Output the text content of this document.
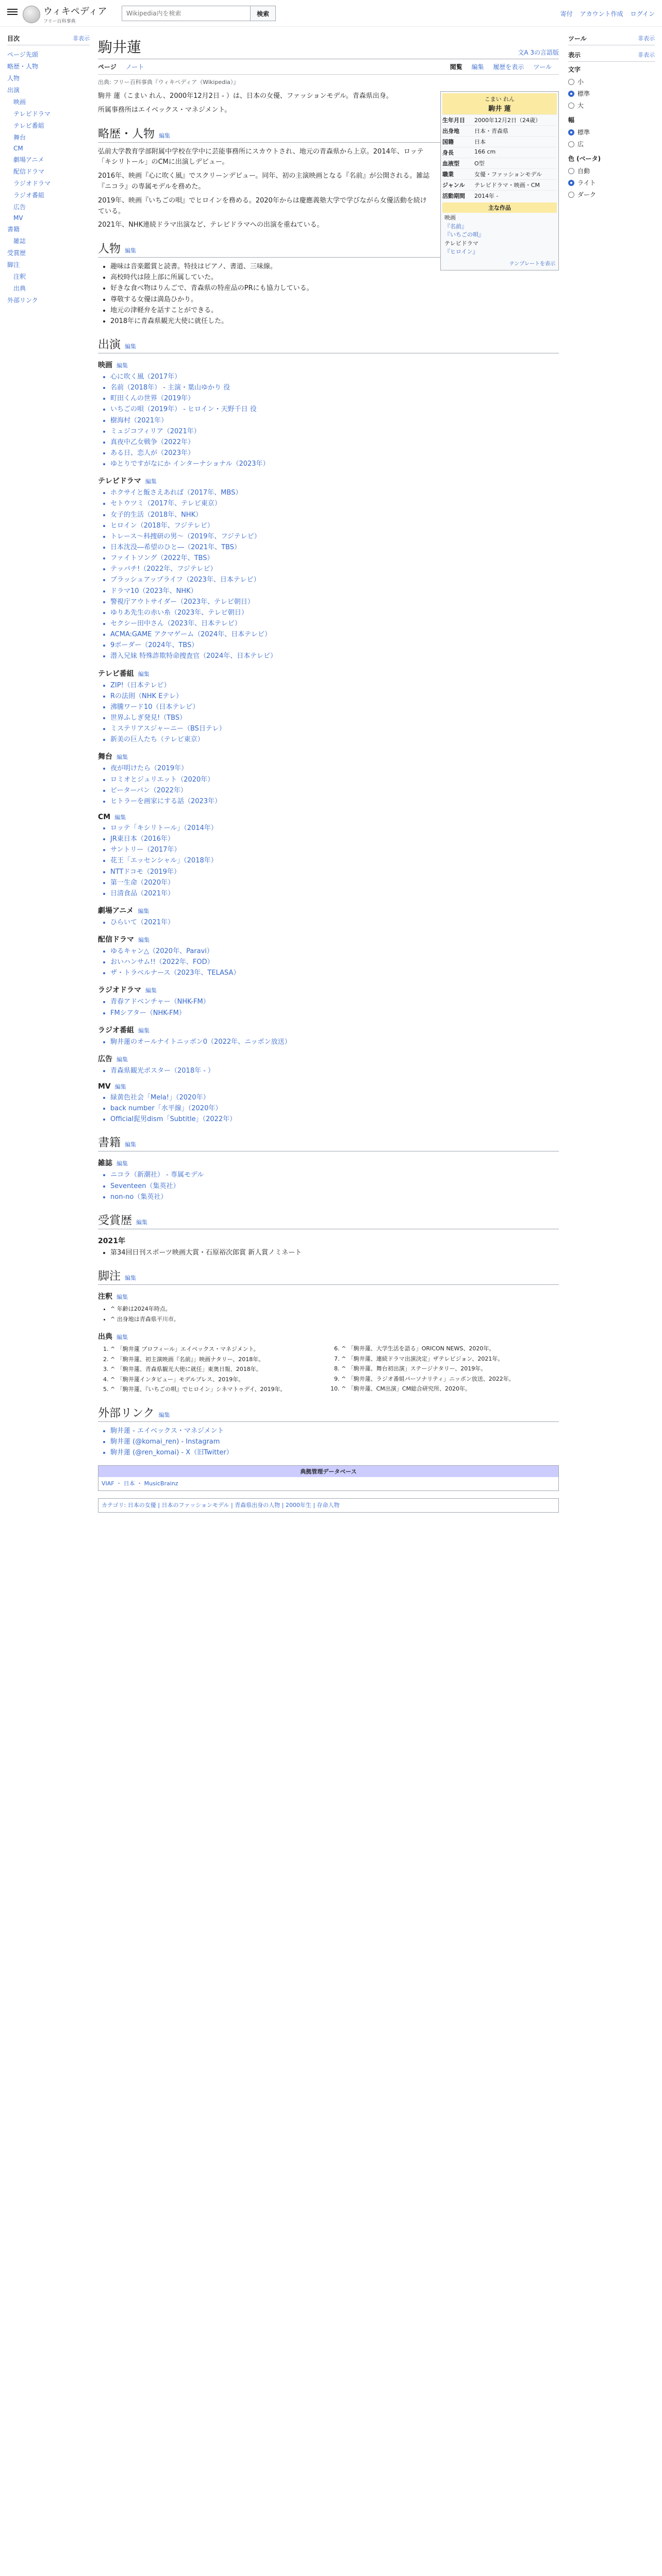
ウィキペディア
フリー百科事典
Wikipedia内を検索
検索	寄付 アカウント作成 ログイン
目次	非表示
ページ先頭
略歴・人物
人物
出演
映画
テレビドラマ
テレビ番組
舞台
CM
劇場アニメ
配信ドラマ
ラジオドラマ
ラジオ番組
広告
MV
書籍
雑誌
受賞歴
脚注
注釈
出典
外部リンク
駒井蓮	文A 3の言語版
ページ ノート	閲覧 編集 履歴を表示 ツール
出典: フリー百科事典『ウィキペディア（Wikipedia）』
こまい れん
駒井 蓮
生年月日	2000年12月2日（24歳）
出身地	日本・青森県
国籍	日本
身長	166 cm
血液型	O型
職業	女優・ファッションモデル
ジャンル	テレビドラマ・映画・CM
活動期間	2014年 -
主な作品
映画
『名前』
『いちごの唄』
テレビドラマ
『ヒロイン』
テンプレートを表示

駒井 蓮（こまい れん、2000年12月2日 - ）は、日本の女優、ファッションモデル。青森県出身。

所属事務所はエイベックス・マネジメント。

略歴・人物 編集

弘前大学教育学部附属中学校在学中に芸能事務所にスカウトされ、地元の青森県から上京。2014年、ロッテ「キシリトール」のCMに出演しデビュー。

2016年、映画『心に吹く風』でスクリーンデビュー。同年、初の主演映画となる『名前』が公開される。雑誌『ニコラ』の専属モデルを務めた。

2019年、映画『いちごの唄』でヒロインを務める。2020年からは慶應義塾大学で学びながら女優活動を続けている。

2021年、NHK連続ドラマ出演など、テレビドラマへの出演を重ねている。

人物 編集
• 趣味は音楽鑑賞と読書。特技はピアノ、書道、三味線。
• 高校時代は陸上部に所属していた。
• 好きな食べ物はりんごで、青森県の特産品のPRにも協力している。
• 尊敬する女優は満島ひかり。
• 地元の津軽弁を話すことができる。
• 2018年に青森県観光大使に就任した。
出演 編集
映画 編集
• 心に吹く風（2017年）
• 名前（2018年） - 主演・葉山ゆかり 役
• 町田くんの世界（2019年）
• いちごの唄（2019年） - ヒロイン・天野千日 役
• 樹海村（2021年）
• ミュジコフィリア（2021年）
• 真夜中乙女戦争（2022年）
• ある日、恋人が（2023年）
• ゆとりですがなにか インターナショナル（2023年）
テレビドラマ 編集
• ホクサイと飯さえあれば（2017年、MBS）
• セトウツミ（2017年、テレビ東京）
• 女子的生活（2018年、NHK）
• ヒロイン（2018年、フジテレビ）
• トレース〜科捜研の男〜（2019年、フジテレビ）
• 日本沈没―希望のひと―（2021年、TBS）
• ファイトソング（2022年、TBS）
• テッパチ!（2022年、フジテレビ）
• ブラッシュアップライフ（2023年、日本テレビ）
• ドラマ10（2023年、NHK）
• 警視庁アウトサイダー（2023年、テレビ朝日）
• ゆりあ先生の赤い糸（2023年、テレビ朝日）
• セクシー田中さん（2023年、日本テレビ）
• ACMA:GAME アクマゲーム（2024年、日本テレビ）
• 9ボーダー（2024年、TBS）
• 潜入兄妹 特殊詐欺特命捜査官（2024年、日本テレビ）
テレビ番組 編集
• ZIP!（日本テレビ）
• Rの法則（NHK Eテレ）
• 沸騰ワード10（日本テレビ）
• 世界ふしぎ発見!（TBS）
• ミステリアスジャーニー（BS日テレ）
• 新美の巨人たち（テレビ東京）
舞台 編集
• 夜が明けたら（2019年）
• ロミオとジュリエット（2020年）
• ピーターパン（2022年）
• ヒトラーを画家にする話（2023年）
CM 編集
• ロッテ「キシリトール」（2014年）
• JR東日本（2016年）
• サントリー（2017年）
• 花王「エッセンシャル」（2018年）
• NTTドコモ（2019年）
• 第一生命（2020年）
• 日清食品（2021年）
劇場アニメ 編集
• ひらいて（2021年）
配信ドラマ 編集
• ゆるキャン△（2020年、Paravi）
• おいハンサム!!（2022年、FOD）
• ザ・トラベルナース（2023年、TELASA）
ラジオドラマ 編集
• 青春アドベンチャー（NHK-FM）
• FMシアター（NHK-FM）
ラジオ番組 編集
• 駒井蓮のオールナイトニッポン0（2022年、ニッポン放送）
広告 編集
• 青森県観光ポスター（2018年 - ）
MV 編集
• 緑黄色社会「Mela!」（2020年）
• back number「水平線」（2020年）
• Official髭男dism「Subtitle」（2022年）
書籍 編集
雑誌 編集
• ニコラ（新潮社） - 専属モデル
• Seventeen（集英社）
• non-no（集英社）
受賞歴 編集
2021年
• 第34回日刊スポーツ映画大賞・石原裕次郎賞 新人賞ノミネート
脚注 編集
注釈 編集
• ^ 年齢は2024年時点。
• ^ 出身地は青森県平川市。
出典 編集
1. ^ 「駒井蓮 プロフィール」エイベックス・マネジメント。
2. ^ 「駒井蓮、初主演映画『名前』」映画ナタリー、2018年。
3. ^ 「駒井蓮、青森県観光大使に就任」東奥日報、2018年。
4. ^ 「駒井蓮インタビュー」モデルプレス、2019年。
5. ^ 「駒井蓮、『いちごの唄』でヒロイン」シネマトゥデイ、2019年。
6. ^ 「駒井蓮、大学生活を語る」ORICON NEWS、2020年。
7. ^ 「駒井蓮、連続ドラマ出演決定」ザテレビジョン、2021年。
8. ^ 「駒井蓮、舞台初出演」ステージナタリー、2019年。
9. ^ 「駒井蓮、ラジオ番組パーソナリティ」ニッポン放送、2022年。
10. ^ 「駒井蓮、CM出演」CM総合研究所、2020年。
外部リンク 編集
• 駒井蓮 - エイベックス・マネジメント
• 駒井蓮 (@komai_ren) - Instagram
• 駒井蓮 (@ren_komai) - X（旧Twitter）
典拠管理データベース
VIAF ・ 日本 ・ MusicBrainz
カテゴリ: 日本の女優 | 日本のファッションモデル | 青森県出身の人物 | 2000年生 | 存命人物
ツール	非表示
表示	非表示
文字
小
標準
大
幅
標準
広
色 (ベータ)
自動
ライト
ダーク
